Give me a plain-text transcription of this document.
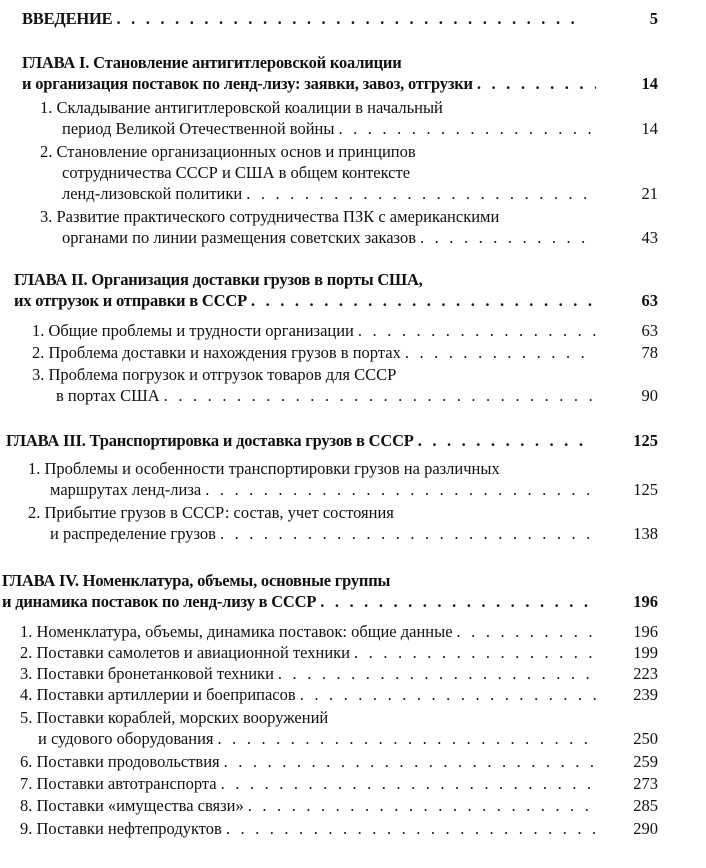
ВВЕДЕНИЕ . . .	5
ГЛАВА I. Становление антигитлеровской коалиции
и организация поставок по ленд-лизу: заявки, завоз, отгрузки . . .	14
1. Складывание антигитлеровской коалиции в начальный
период Великой Отечественной войны . . .	14
2. Становление организационных основ и принципов
сотрудничества СССР и США в общем контексте
ленд-лизовской политики . . .	21
3. Развитие практического сотрудничества ПЗК с американскими
органами по линии размещения советских заказов . . .	43
ГЛАВА II. Организация доставки грузов в порты США,
их отгрузок и отправки в СССР . . .	63
1. Общие проблемы и трудности организации . . .	63
2. Проблема доставки и нахождения грузов в портах . . .	78
3. Проблема погрузок и отгрузок товаров для СССР
в портах США . . .	90
ГЛАВА III. Транспортировка и доставка грузов в СССР . . .	125
1. Проблемы и особенности транспортировки грузов на различных
маршрутах ленд-лиза . . .	125
2. Прибытие грузов в СССР: состав, учет состояния
и распределение грузов . . .	138
ГЛАВА IV. Номенклатура, объемы, основные группы
и динамика поставок по ленд-лизу в СССР . . .	196
1. Номенклатура, объемы, динамика поставок: общие данные . . .	196
2. Поставки самолетов и авиационной техники . . .	199
3. Поставки бронетанковой техники . . .	223
4. Поставки артиллерии и боеприпасов . . .	239
5. Поставки кораблей, морских вооружений
и судового оборудования . . .	250
6. Поставки продовольствия . . .	259
7. Поставки автотранспорта . . .	273
8. Поставки «имущества связи» . . .	285
9. Поставки нефтепродуктов . . .	290
